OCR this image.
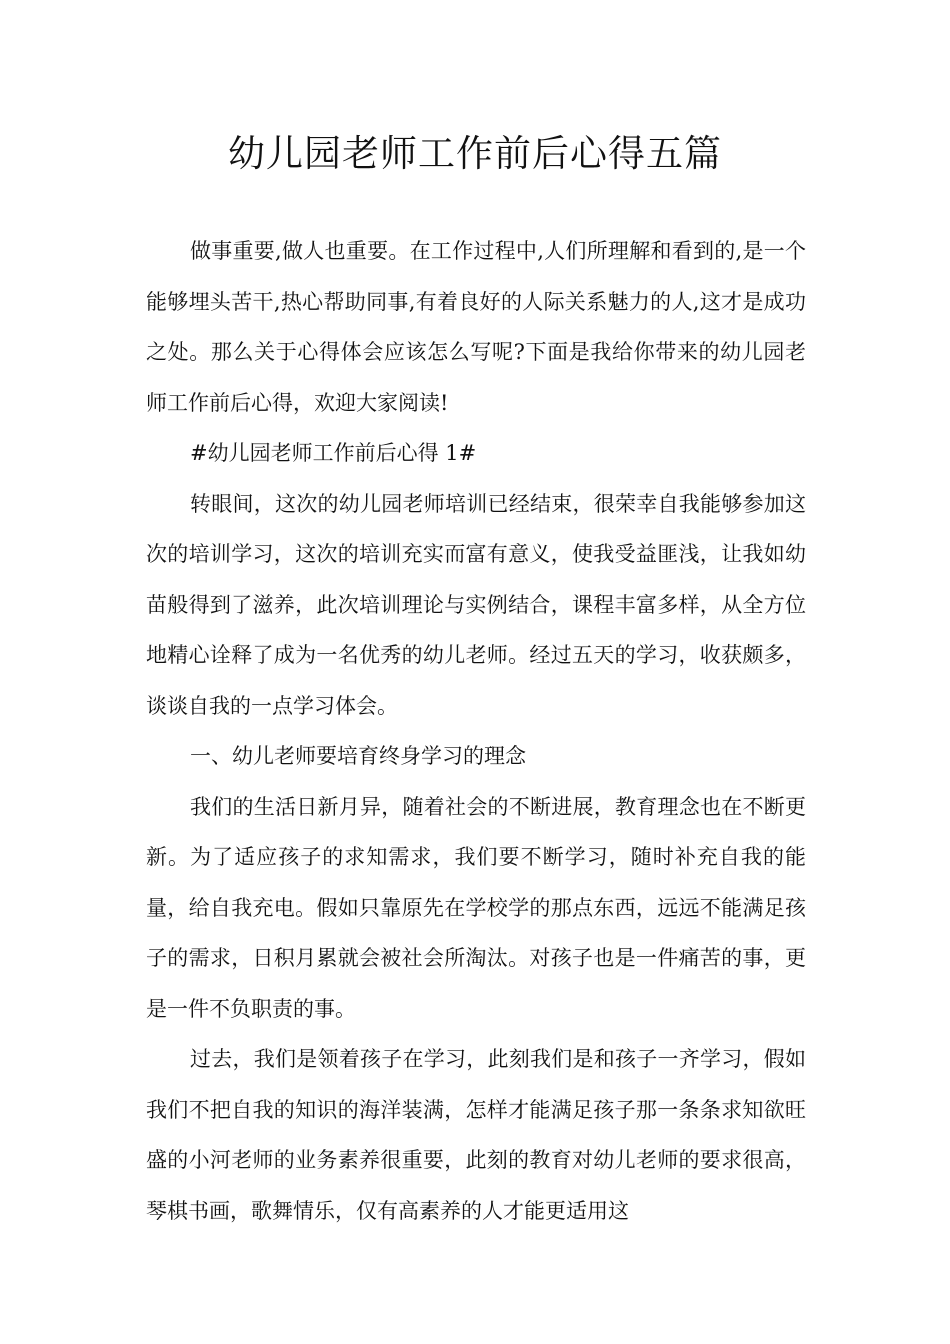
幼儿园老师工作前后心得五篇

做事重要,做人也重要。在工作过程中,人们所理解和看到的,是一个能够埋头苦干,热心帮助同事,有着良好的人际关系魅力的人,这才是成功之处。那么关于心得体会应该怎么写呢?下面是我给你带来的幼儿园老师工作前后心得，欢迎大家阅读!

#幼儿园老师工作前后心得 1#

转眼间，这次的幼儿园老师培训已经结束，很荣幸自我能够参加这次的培训学习，这次的培训充实而富有意义，使我受益匪浅，让我如幼苗般得到了滋养，此次培训理论与实例结合，课程丰富多样，从全方位地精心诠释了成为一名优秀的幼儿老师。经过五天的学习，收获颇多，谈谈自我的一点学习体会。

一、幼儿老师要培育终身学习的理念

我们的生活日新月异，随着社会的不断进展，教育理念也在不断更新。为了适应孩子的求知需求，我们要不断学习，随时补充自我的能量，给自我充电。假如只靠原先在学校学的那点东西，远远不能满足孩子的需求，日积月累就会被社会所淘汰。对孩子也是一件痛苦的事，更是一件不负职责的事。

过去，我们是领着孩子在学习，此刻我们是和孩子一齐学习，假如我们不把自我的知识的海洋装满，怎样才能满足孩子那一条条求知欲旺盛的小河老师的业务素养很重要，此刻的教育对幼儿老师的要求很高，琴棋书画，歌舞情乐，仅有高素养的人才能更适用这
